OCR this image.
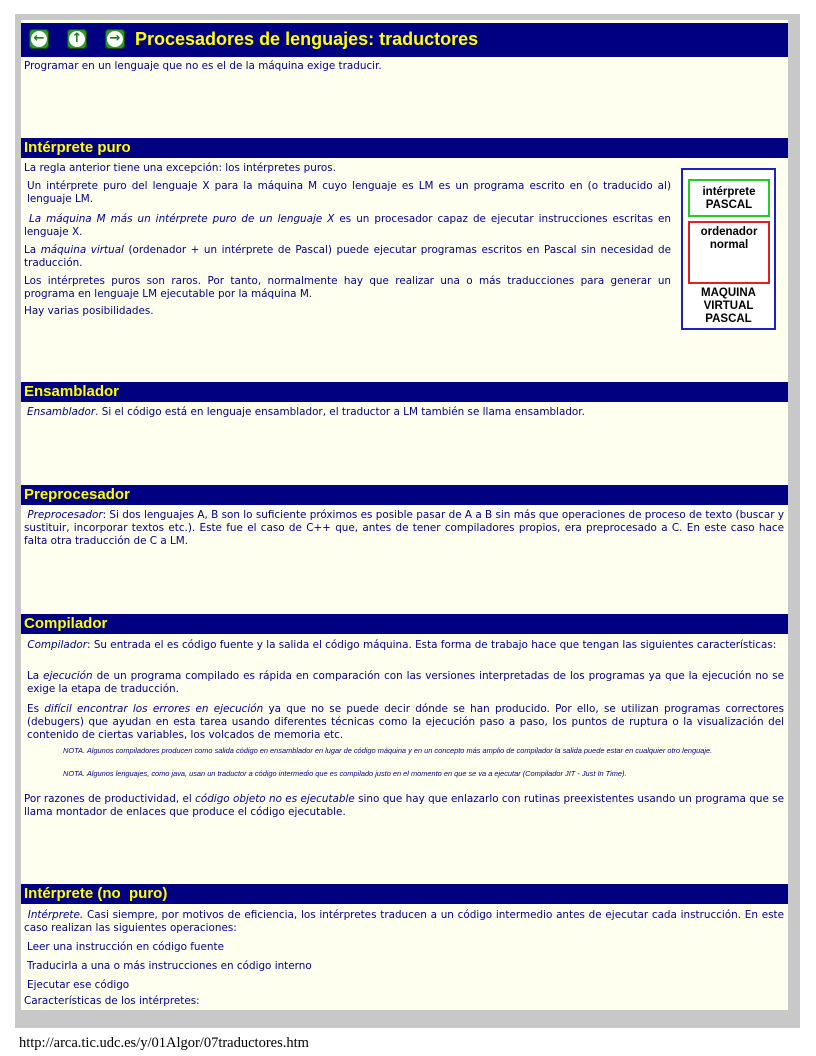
←	↑	→ Procesadores de lenguajes: traductores
Programar en un lenguaje que no es el de la máquina exige traducir.
Intérprete puro
La regla anterior tiene una excepción: los intérpretes puros.
Un intérprete puro del lenguaje X para la máquina M cuyo lenguaje es LM es un programa escrito en (o traducido al) lenguaje LM.
La máquina M más un intérprete puro de un lenguaje X es un procesador capaz de ejecutar instrucciones escritas en lenguaje X.
La máquina virtual (ordenador + un intérprete de Pascal) puede ejecutar programas escritos en Pascal sin necesidad de traducción.
Los intérpretes puros son raros. Por tanto, normalmente hay que realizar una o más traducciones para generar un programa en lenguaje LM ejecutable por la máquina M.
Hay varias posibilidades.
intérprete
PASCAL
ordenador
normal
MAQUINA
VIRTUAL
PASCAL
Ensamblador
Ensamblador. Si el código está en lenguaje ensamblador, el traductor a LM también se llama ensamblador.
Preprocesador
Preprocesador: Si dos lenguajes A, B son lo suficiente próximos es posible pasar de A a B sin más que operaciones de proceso de texto (buscar y sustituir, incorporar textos etc.). Este fue el caso de C++ que, antes de tener compiladores propios, era preprocesado a C. En este caso hace falta otra traducción de C a LM.
Compilador
Compilador: Su entrada el es código fuente y la salida el código máquina. Esta forma de trabajo hace que tengan las siguientes características:
La ejecución de un programa compilado es rápida en comparación con las versiones interpretadas de los programas ya que la ejecución no se exige la etapa de traducción.
Es difícil encontrar los errores en ejecución ya que no se puede decir dónde se han producido. Por ello, se utilizan programas correctores (debugers) que ayudan en esta tarea usando diferentes técnicas como la ejecución paso a paso, los puntos de ruptura o la visualización del contenido de ciertas variables, los volcados de memoria etc.
NOTA. Algunos compiladores producen como salida código en ensamblador en lugar de código máquina y en un concepto más amplio de compilador la salida puede estar en cualquier otro lenguaje.
NOTA. Algunos lenguajes, como java, usan un traductor a código intermedio que es compilado justo en el momento en que se va a ejecutar (Compilador JIT - Just In Time).
Por razones de productividad, el código objeto no es ejecutable sino que hay que enlazarlo con rutinas preexistentes usando un programa que se llama montador de enlaces que produce el código ejecutable.
Intérprete (no  puro)
Intérprete. Casi siempre, por motivos de eficiencia, los intérpretes traducen a un código intermedio antes de ejecutar cada instrucción. En este caso realizan las siguientes operaciones:
Leer una instrucción en código fuente
Traducirla a una o más instrucciones en código interno
Ejecutar ese código
Características de los intérpretes:
http://arca.tic.udc.es/y/01Algor/07traductores.htm
